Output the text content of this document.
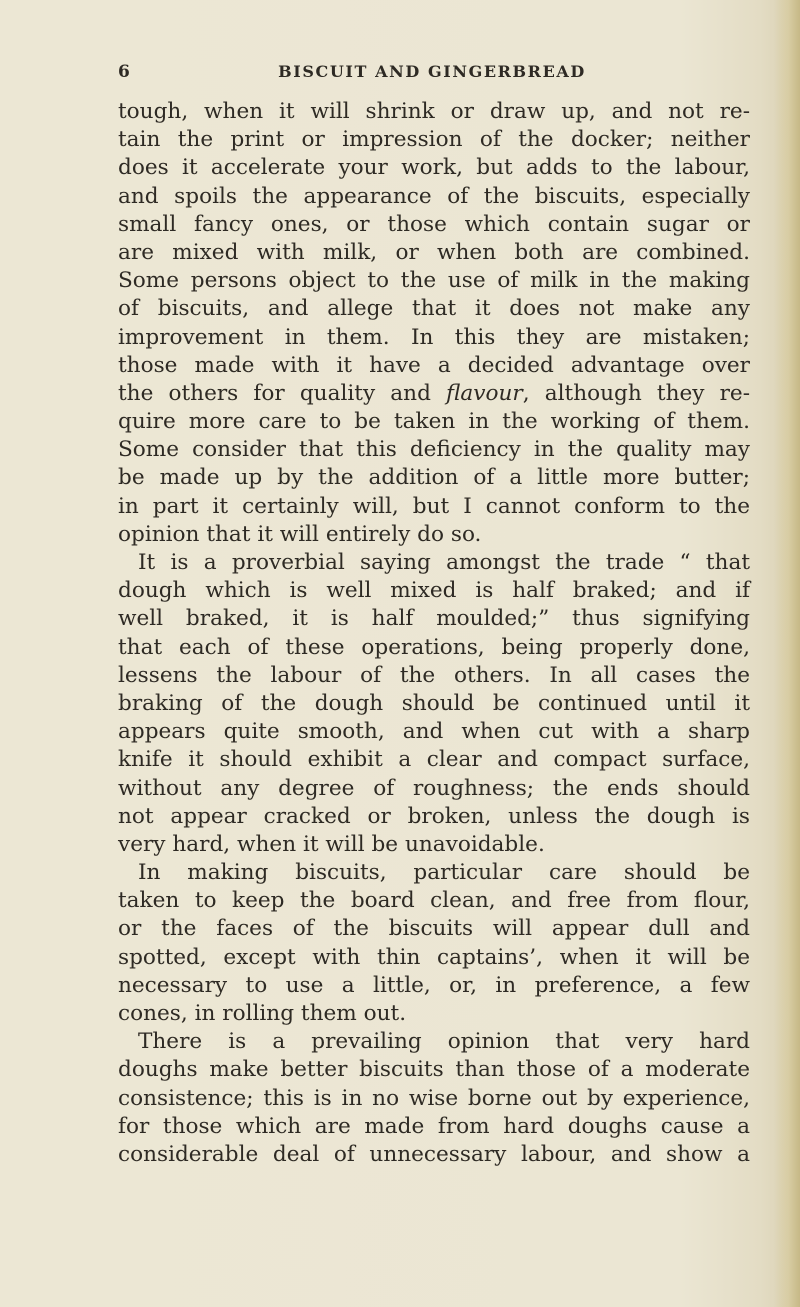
6	BISCUIT AND GINGERBREAD
tough, when it will shrink or draw up, and not re-
tain the print or impression of the docker; neither
does it accelerate your work, but adds to the labour,
and spoils the appearance of the biscuits, especially
small fancy ones, or those which contain sugar or
are mixed with milk, or when both are combined.
Some persons object to the use of milk in the making
of biscuits, and allege that it does not make any
improvement in them. In this they are mistaken;
those made with it have a decided advantage over
the others for quality and flavour, although they re-
quire more care to be taken in the working of them.
Some consider that this deficiency in the quality may
be made up by the addition of a little more butter;
in part it certainly will, but I cannot conform to the
opinion that it will entirely do so.
It is a proverbial saying amongst the trade “ that
dough which is well mixed is half braked; and if
well braked, it is half moulded;” thus signifying
that each of these operations, being properly done,
lessens the labour of the others. In all cases the
braking of the dough should be continued until it
appears quite smooth, and when cut with a sharp
knife it should exhibit a clear and compact surface,
without any degree of roughness; the ends should
not appear cracked or broken, unless the dough is
very hard, when it will be unavoidable.
In making biscuits, particular care should be
taken to keep the board clean, and free from flour,
or the faces of the biscuits will appear dull and
spotted, except with thin captains’, when it will be
necessary to use a little, or, in preference, a few
cones, in rolling them out.
There is a prevailing opinion that very hard
doughs make better biscuits than those of a moderate
consistence; this is in no wise borne out by experience,
for those which are made from hard doughs cause a
considerable deal of unnecessary labour, and show a
